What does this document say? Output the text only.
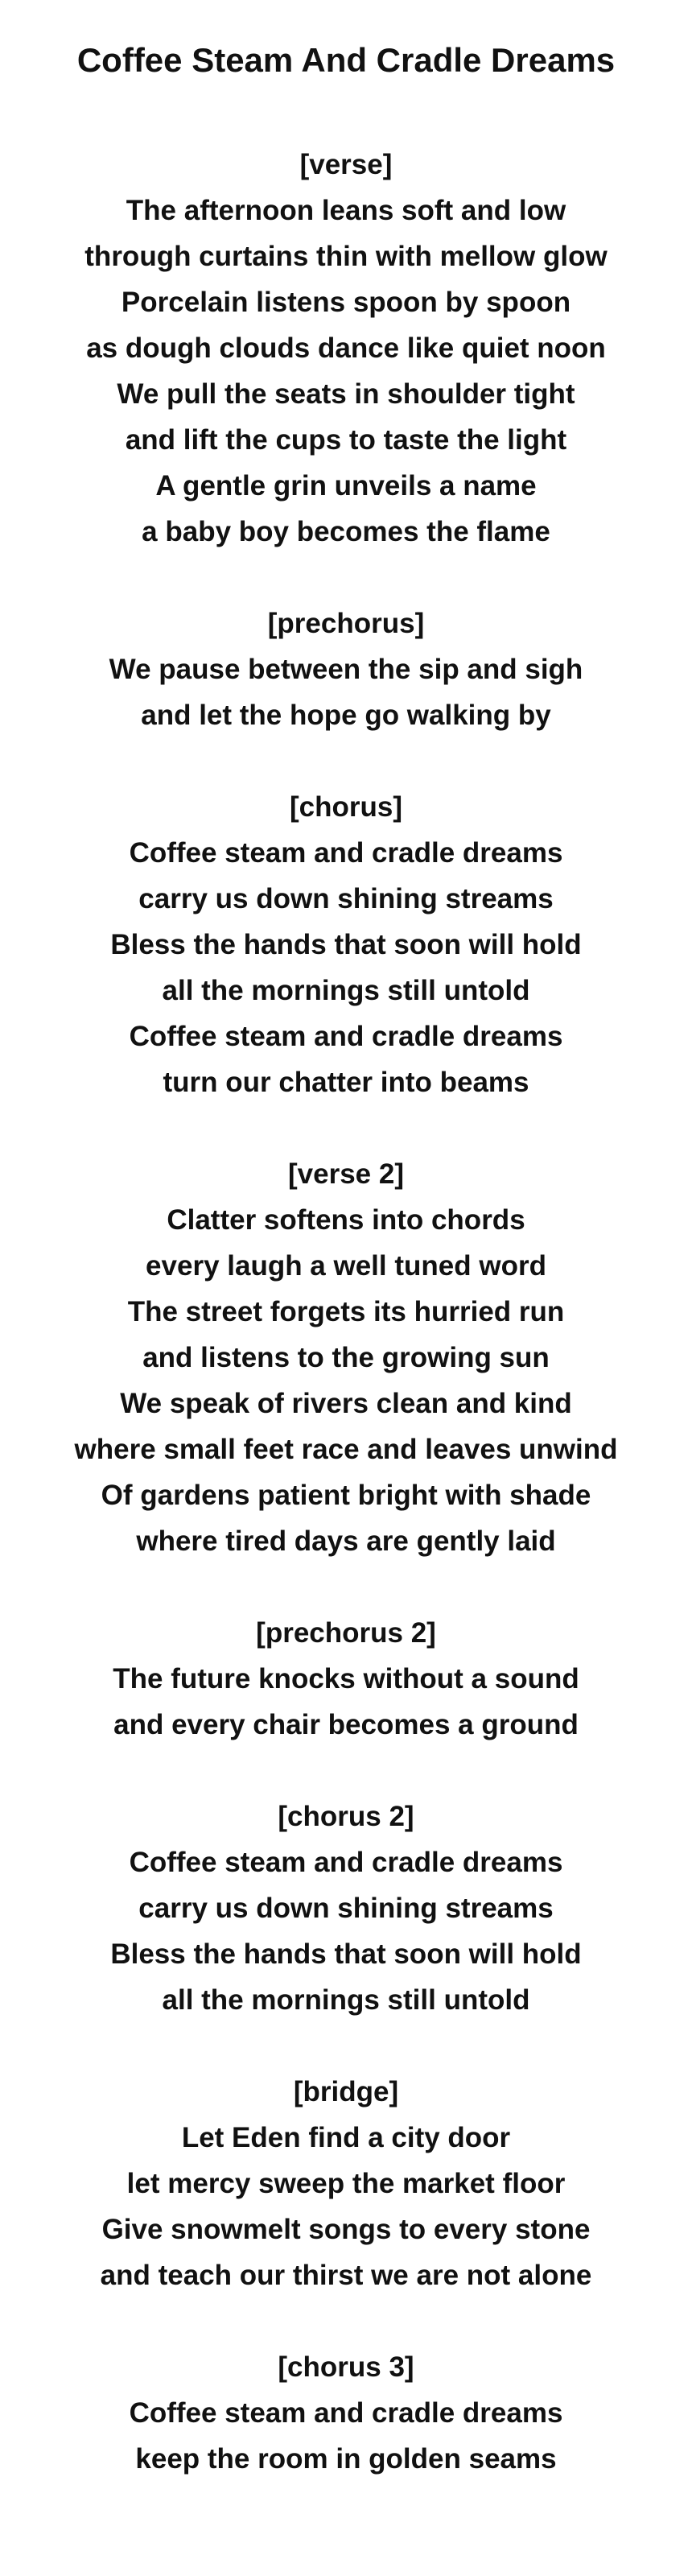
Coffee Steam And Cradle Dreams
[verse]
The afternoon leans soft and low
through curtains thin with mellow glow
Porcelain listens spoon by spoon
as dough clouds dance like quiet noon
We pull the seats in shoulder tight
and lift the cups to taste the light
A gentle grin unveils a name
a baby boy becomes the flame
[prechorus]
We pause between the sip and sigh
and let the hope go walking by
[chorus]
Coffee steam and cradle dreams
carry us down shining streams
Bless the hands that soon will hold
all the mornings still untold
Coffee steam and cradle dreams
turn our chatter into beams
[verse 2]
Clatter softens into chords
every laugh a well tuned word
The street forgets its hurried run
and listens to the growing sun
We speak of rivers clean and kind
where small feet race and leaves unwind
Of gardens patient bright with shade
where tired days are gently laid
[prechorus 2]
The future knocks without a sound
and every chair becomes a ground
[chorus 2]
Coffee steam and cradle dreams
carry us down shining streams
Bless the hands that soon will hold
all the mornings still untold
[bridge]
Let Eden find a city door
let mercy sweep the market floor
Give snowmelt songs to every stone
and teach our thirst we are not alone
[chorus 3]
Coffee steam and cradle dreams
keep the room in golden seams
